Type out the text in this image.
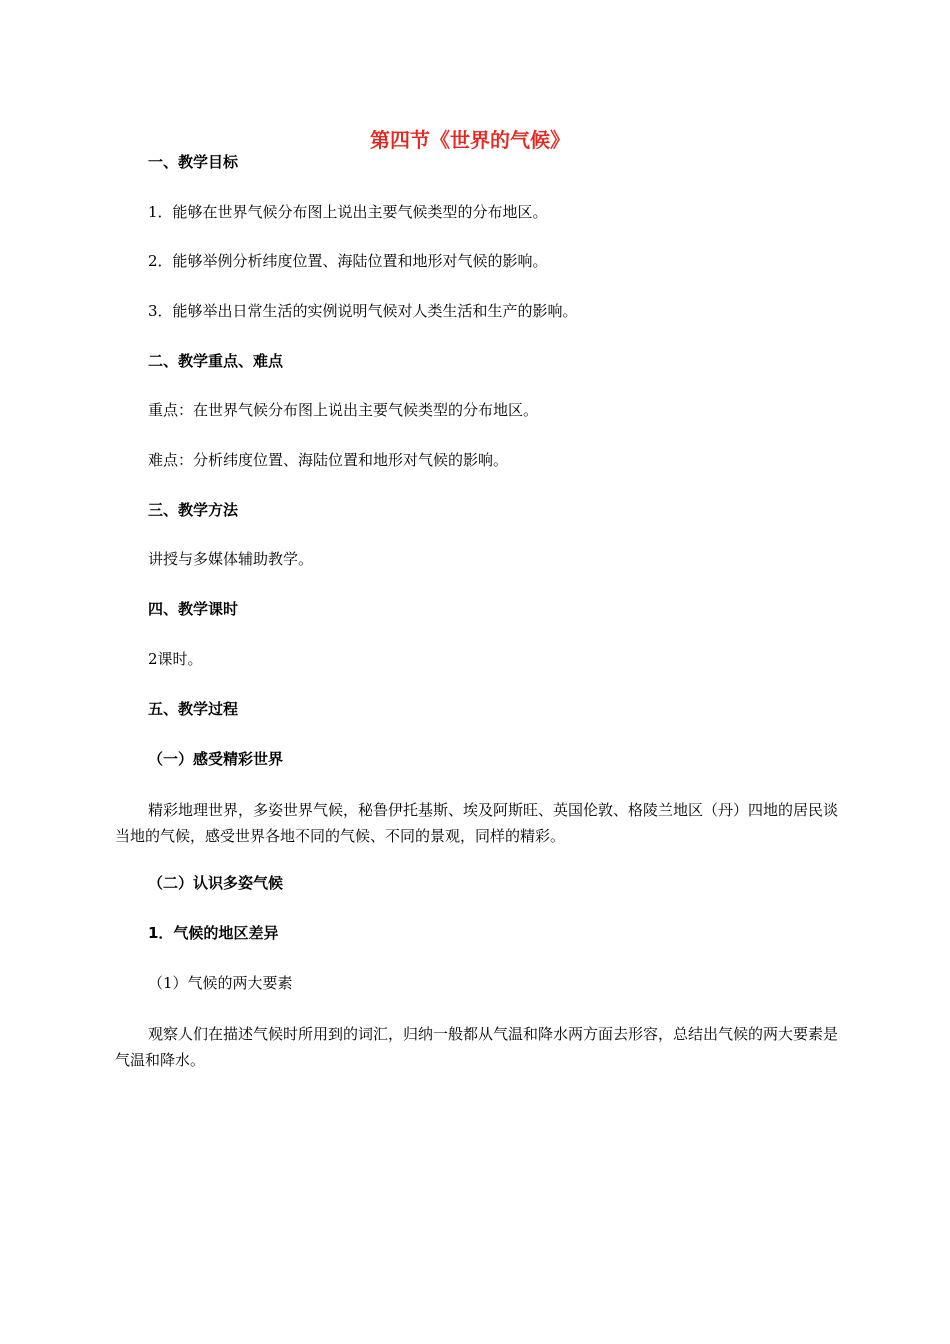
第四节《世界的气候》
一、教学目标
1．能够在世界气候分布图上说出主要气候类型的分布地区。
2．能够举例分析纬度位置、海陆位置和地形对气候的影响。
3．能够举出日常生活的实例说明气候对人类生活和生产的影响。
二、教学重点、难点
重点：在世界气候分布图上说出主要气候类型的分布地区。
难点：分析纬度位置、海陆位置和地形对气候的影响。
三、教学方法
讲授与多媒体辅助教学。
四、教学课时
2课时。
五、教学过程
（一）感受精彩世界
精彩地理世界，多姿世界气候，秘鲁伊托基斯、埃及阿斯旺、英国伦敦、格陵兰地区（丹）四地的居民谈当地的气候，感受世界各地不同的气候、不同的景观，同样的精彩。
（二）认识多姿气候
1．气候的地区差异
（1）气候的两大要素
观察人们在描述气候时所用到的词汇，归纳一般都从气温和降水两方面去形容，总结出气候的两大要素是气温和降水。
